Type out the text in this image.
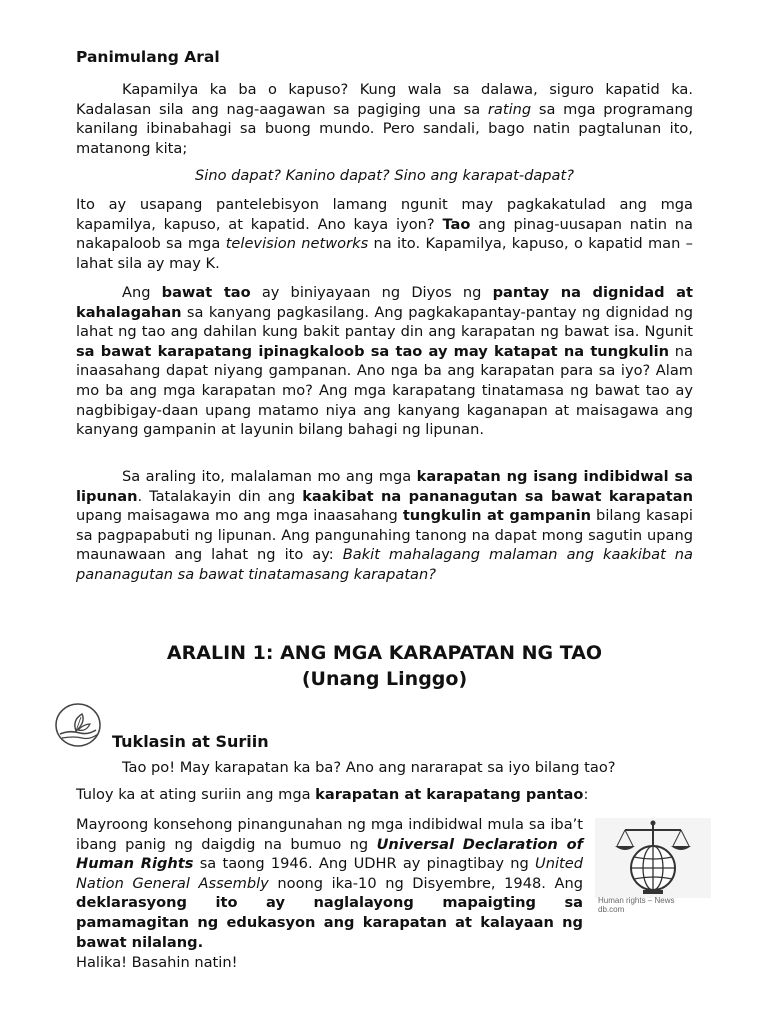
Panimulang Aral

Kapamilya ka ba o kapuso? Kung wala sa dalawa, siguro kapatid ka. Kadalasan sila ang nag-aagawan sa pagiging una sa rating sa mga programang kanilang ibinabahagi sa buong mundo. Pero sandali, bago natin pagtalunan ito, matanong kita;

Sino dapat? Kanino dapat? Sino ang karapat-dapat?

Ito ay usapang pantelebisyon lamang ngunit may pagkakatulad ang mga kapamilya, kapuso, at kapatid. Ano kaya iyon? Tao ang pinag-uusapan natin na nakapaloob sa mga television networks na ito. Kapamilya, kapuso, o kapatid man – lahat sila ay may K.

Ang bawat tao ay biniyayaan ng Diyos ng pantay na dignidad at kahalagahan sa kanyang pagkasilang. Ang pagkakapantay-pantay ng dignidad ng lahat ng tao ang dahilan kung bakit pantay din ang karapatan ng bawat isa. Ngunit sa bawat karapatang ipinagkaloob sa tao ay may katapat na tungkulin na inaasahang dapat niyang gampanan. Ano nga ba ang karapatan para sa iyo? Alam mo ba ang mga karapatan mo? Ang mga karapatang tinatamasa ng bawat tao ay nagbibigay-daan upang matamo niya ang kanyang kaganapan at maisagawa ang kanyang gampanin at layunin bilang bahagi ng lipunan.

Sa araling ito, malalaman mo ang mga karapatan ng isang indibidwal sa lipunan. Tatalakayin din ang kaakibat na pananagutan sa bawat karapatan upang maisagawa mo ang mga inaasahang tungkulin at gampanin bilang kasapi sa pagpapabuti ng lipunan. Ang pangunahing tanong na dapat mong sagutin upang maunawaan ang lahat ng ito ay: Bakit mahalagang malaman ang kaakibat na pananagutan sa bawat tinatamasang karapatan?

ARALIN 1: ANG MGA KARAPATAN NG TAO
(Unang Linggo)
Tuklasin at Suriin

Tao po! May karapatan ka ba? Ano ang nararapat sa iyo bilang tao?

Tuloy ka at ating suriin ang mga karapatan at karapatang pantao:

Mayroong konsehong pinangunahan ng mga indibidwal mula sa iba’t ibang panig ng daigdig na bumuo ng Universal Declaration of Human Rights sa taong 1946. Ang UDHR ay pinagtibay ng United Nation General Assembly noong ika-10 ng Disyembre, 1948. Ang deklarasyong ito ay naglalayong mapaigting sa pamamagitan ng edukasyon ang karapatan at kalayaan ng bawat nilalang.

Human rights – News
db.com

Halika! Basahin natin!
